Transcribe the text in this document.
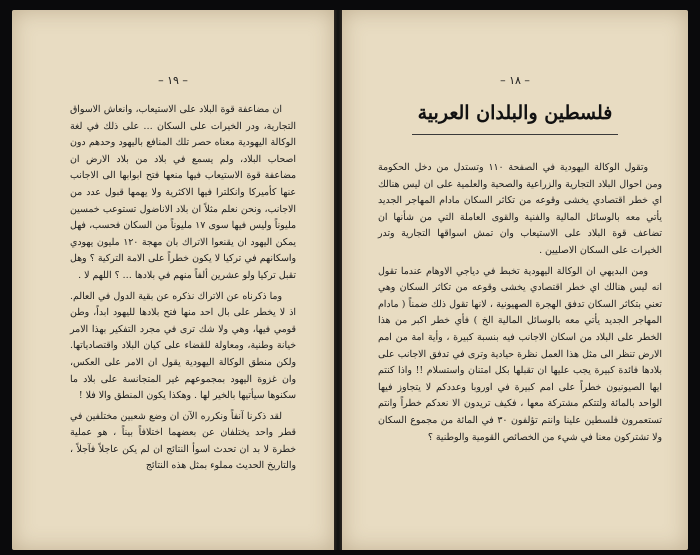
– ١٩ –

ان مضاعفة قوة البلاد على الاستيعاب، وانعاش الاسواق التجارية، ودر الخيرات على السكان … على ذلك في لغة الوكالة اليهودية معناه حصر تلك المنافع باليهود وحدهم دون اصحاب البلاد، ولم يسمع في بلاد من بلاد الارض ان مضاعفة قوة الاستيعاب فيها منعها فتح ابوابها الى الاجانب عنها كأميركا وانكلترا فيها الاكثرية ولا يهمها قبول عدد من الاجانب، ونحن نعلم مثلاً ان بلاد الاناضول تستوعب خمسين مليوناً وليس فيها سوى ١٧ مليوناً من السكان فحسب، فهل يمكن اليهود ان يقنعوا الاتراك بان مهجة ١٢٠ مليون يهودي واسكانهم في تركيا لا يكون خطراً على الامة التركية ؟ وهل تقبل تركيا ولو عشرين ألفاً منهم في بلادها … ؟ اللهم لا .

وما ذكرناه عن الاتراك نذكره عن بقية الدول في العالم. اذ لا يخطر على بال احد منها فتح بلادها لليهود ابداً، وطن قومي فيها، وهي ولا شك ترى في مجرد التفكير بهذا الامر خيانة وطنية، ومعاولة للقضاء على كيان البلاد واقتصادياتها. ولكن منطق الوكالة اليهودية يقول ان الامر على العكس، وان غزوة اليهود بمجموعهم غير المتجانسة على بلاد ما سكنوها سيأتيها بالخير لها . وهكذا يكون المنطق والا فلا !

لقد ذكرنا آنفاً ونكرره الآن ان وضع شعبين مختلفين في قطر واحد يختلفان عن بعضهما اختلافاً بيناً ، هو عملية خطرة لا بد ان تحدث اسوأ النتائج ان لم يكن عاجلاً فآجلاً ، والتاريخ الحديث مملوء بمثل هذه النتائج

– ١٨ –
فلسطين والبلدان العربية

وتقول الوكالة اليهودية في الصفحة ١١٠ وتستدل من دخل الحكومة ومن احوال البلاد التجارية والزراعية والصحية والعلمية على ان ليس هنالك اي خطر اقتصادي يخشى وقوعه من تكاثر السكان مادام المهاجر الجديد يأتي معه بالوسائل المالية والفنية والقوى العاملة التي من شأنها ان تضاعف قوة البلاد على الاستيعاب وان تمش اسواقها التجارية وتدر الخيرات على السكان الاصليين .

ومن البديهي ان الوكالة اليهودية تخبط في دياجي الاوهام عندما تقول انه ليس هنالك اي خطر اقتصادي يخشى وقوعه من تكاثر السكان وهي تعني بتكاثر السكان تدفق الهجرة الصهيونية ، لانها تقول ذلك ضمناً ( مادام المهاجر الجديد يأتي معه بالوسائل المالية الخ ) فأي خطر اكبر من هذا الخطر على البلاد من اسكان الاجانب فيه بنسبة كبيرة ، وأية امة من امم الارض تنظر الى مثل هذا العمل نظرة حيادية وترى في تدفق الاجانب على بلادها فائدة كبيرة يجب عليها ان تقبلها بكل امتنان واستسلام !! واذا كنتم ايها الصيونيون خطراً على امم كبيرة في اوروبا وعددكم لا يتجاوز فيها الواحد بالمائة ولتتكم مشتركة معها ، فكيف تريدون الا نعدكم خطراً وانتم تستعمرون فلسطين علينا وانتم تؤلفون ٣٠ في المائة من مجموع السكان ولا تشتركون معنا في شيء من الخصائص القومية والوطنية ؟
